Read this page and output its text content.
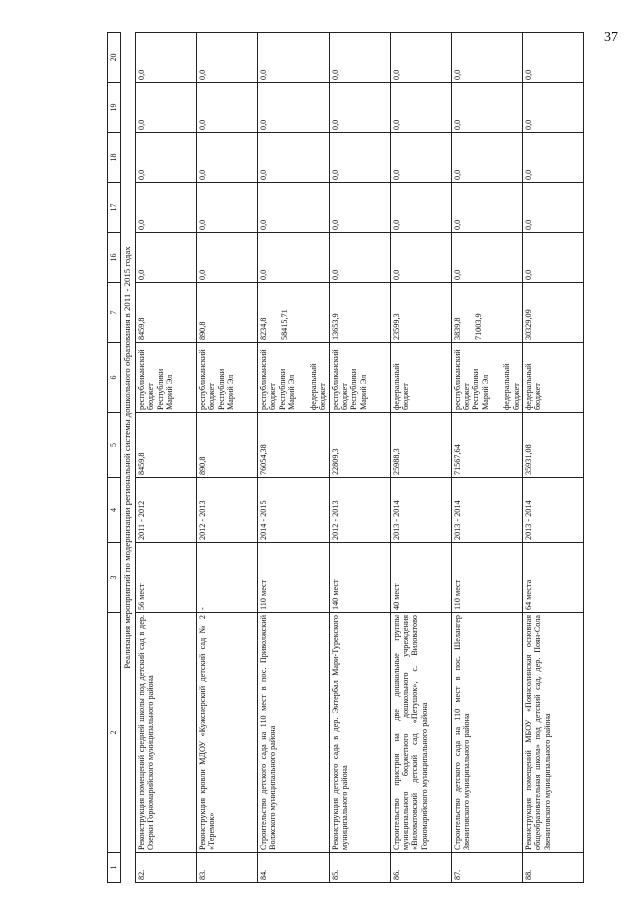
37
1	2	3	4	5	6	7	16	17	18	19	20
Реализация мероприятий по модернизации региональной системы дошкольного образования в 2011 - 2015 годах											
82.	Реконструкция помещений средней школы под детский сад в дер. Озерки Горномарийского муниципального района	56 мест	2011 - 2012	8459,8	республиканский бюджет Республики Марий Эл	8459,8	0,0	0,0	0,0	0,0	0,0
83.	Реконструкция кровли МДОУ «Кужснерский детский сад № 2 «Теремок»	-	2012 - 2013	890,8	республиканский бюджет Республики Марий Эл	890,8	0,0	0,0	0,0	0,0	0,0
84.	Строительство детского сада на 110 мест в пос. Приволжский Волжского муниципального района	110 мест	2014 - 2015	76054,38	республиканский бюджет Республики Марий Эл федеральный бюджет	8234,8 58415,71	0,0	0,0	0,0	0,0	0,0
85.	Реконструкция детского сада в дер. Энтербал Мари-Турекского муниципального района	140 мест	2012 - 2013	22809,3	республиканский бюджет Республики Марий Эл	13653,9	0,0	0,0	0,0	0,0	0,0
86.	Строительство пристроя на две дошкольные группы муниципального бюджетного дошкольного учреждения «Виловатовский детский сад «Петушок», с. Виловатово Горномарийского муниципального района	40 мест	2013 - 2014	25988,3	федеральный бюджет	23599,3	0,0	0,0	0,0	0,0	0,0
87.	Строительство детского сада на 110 мест в пос. Шелангер Звениговского муниципального района	110 мест	2013 - 2014	71567,64	республиканский бюджет Республики Марий Эл федеральный бюджет	3839,8 71003,9	0,0	0,0	0,0	0,0	0,0
88.	Реконструкция помещений МБОУ «Поянсолинская основная общеобразовательная школа» под детский сад, дер. Поян-Сола Звениговского муниципального района	64 места	2013 - 2014	35931,08	федеральный бюджет	30329,09	0,0	0,0	0,0	0,0	0,0
